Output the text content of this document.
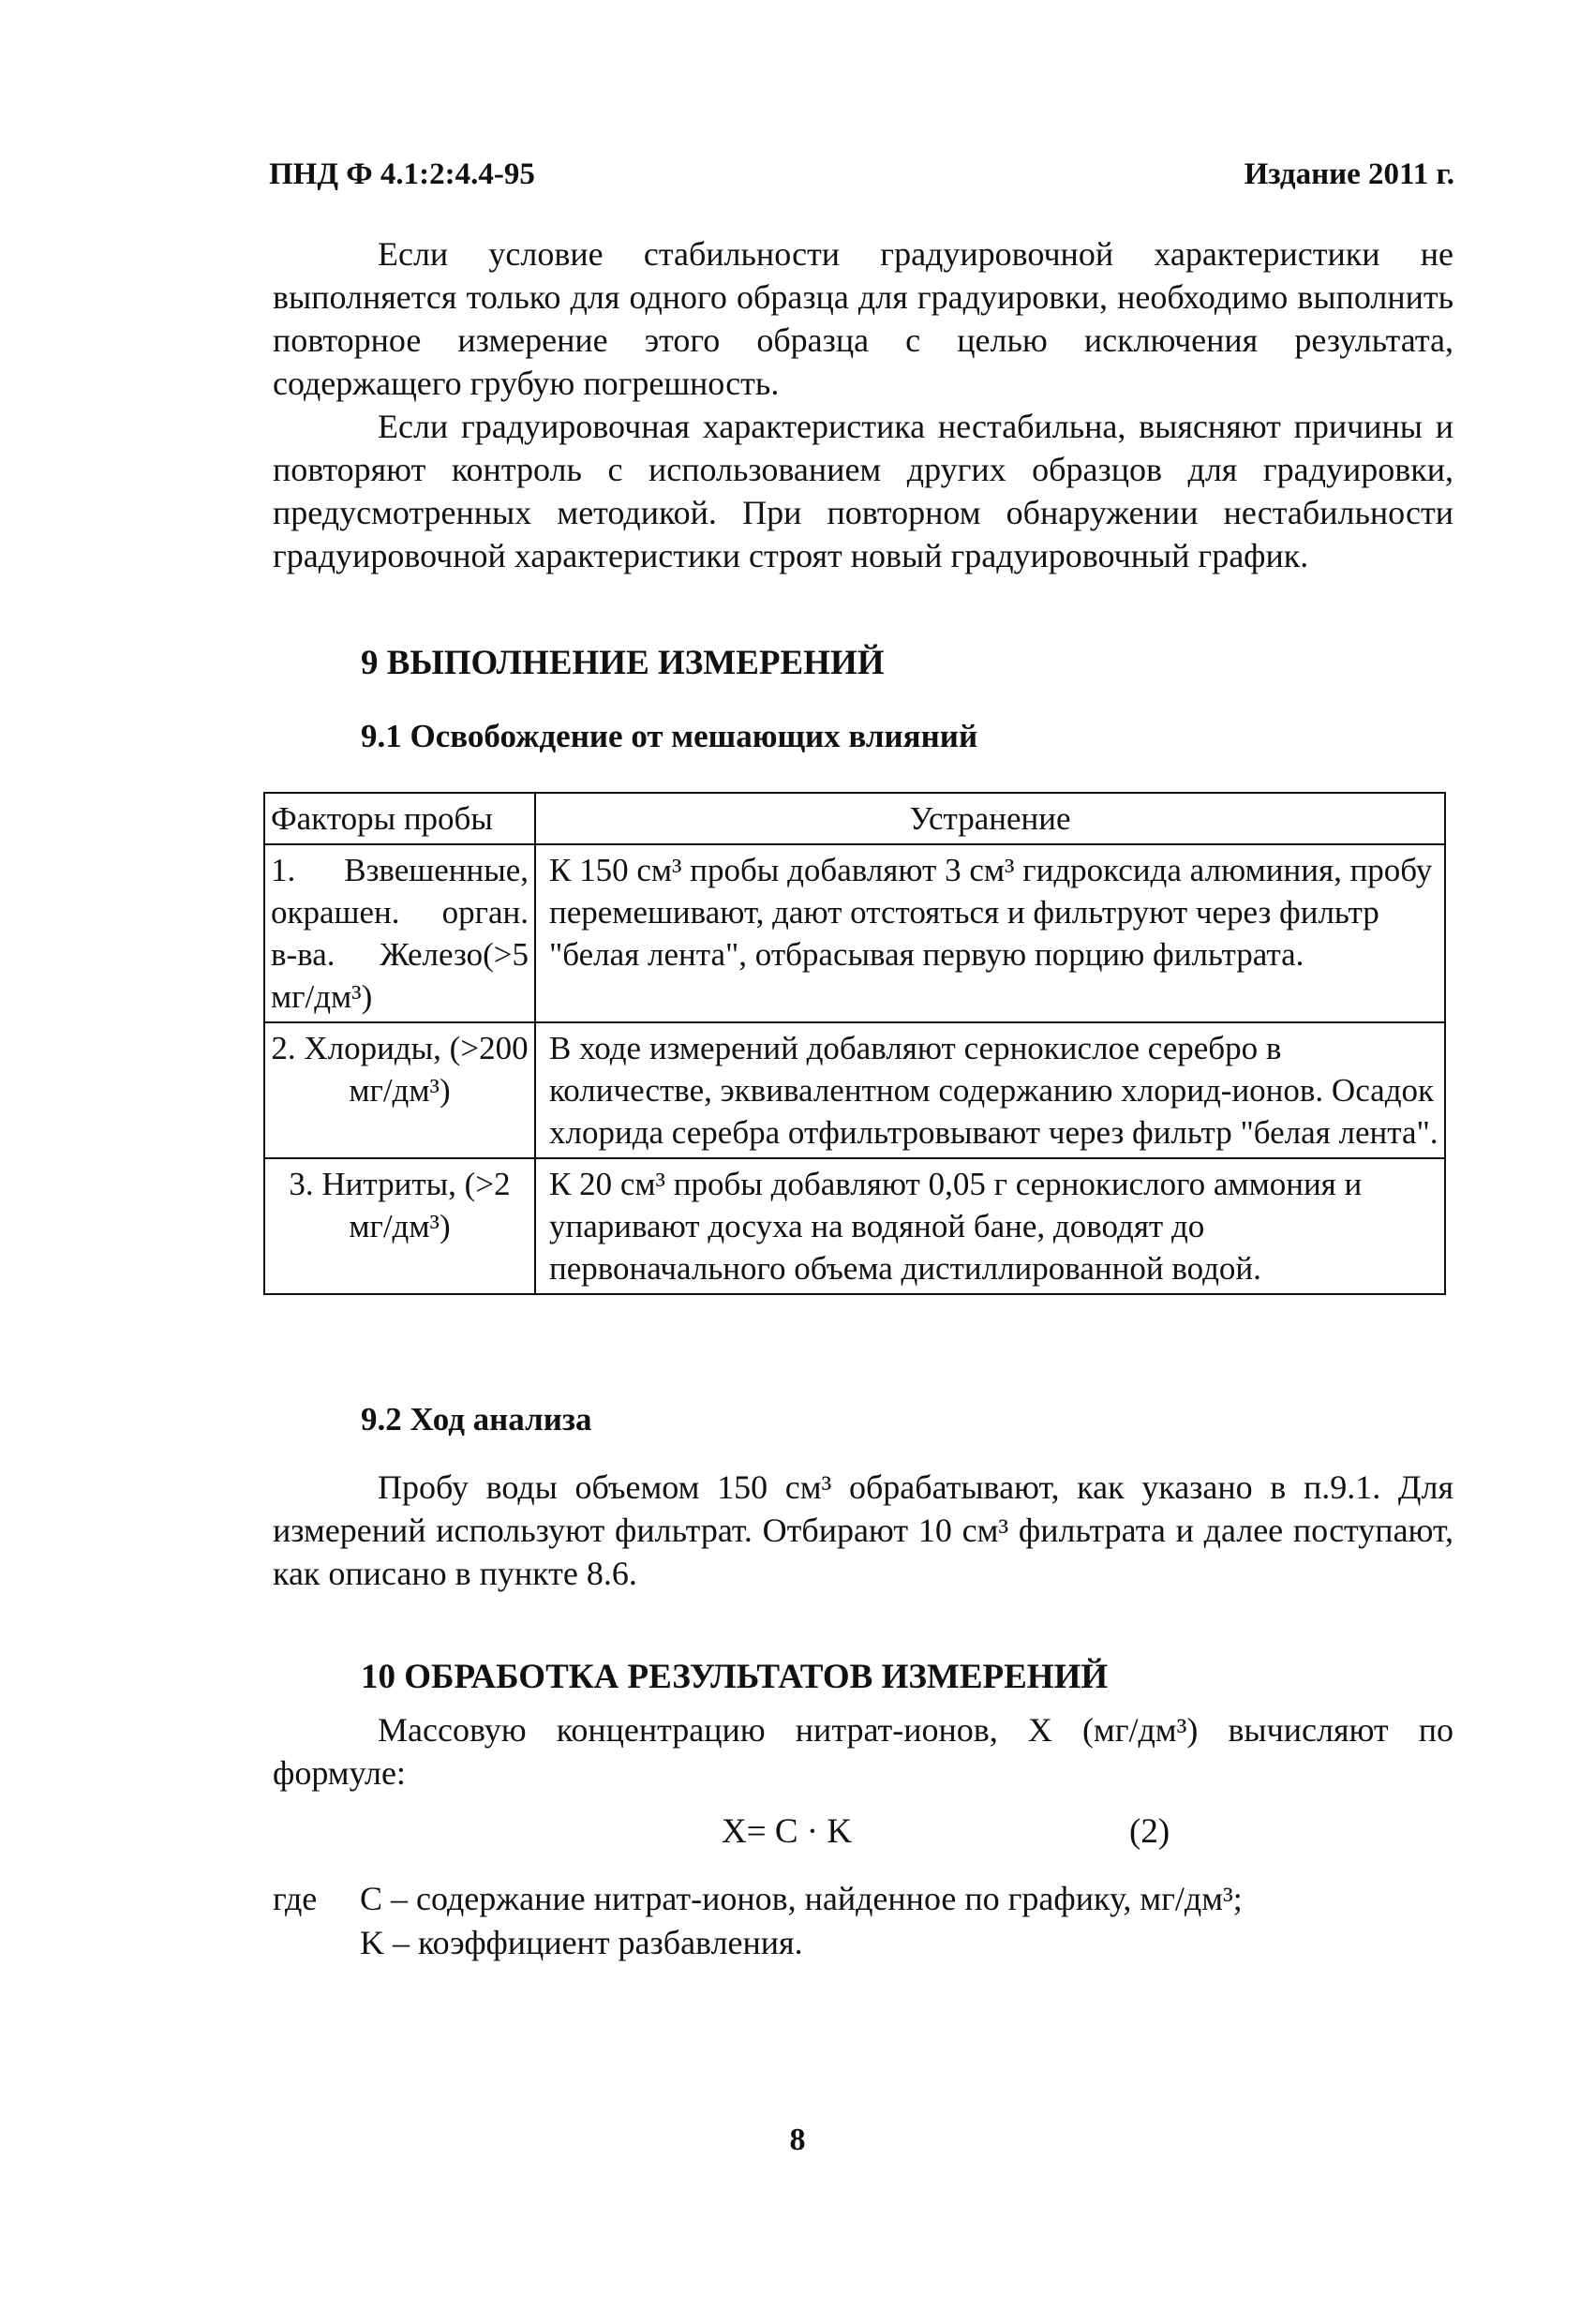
ПНД Ф 4.1:2:4.4-95	Издание 2011 г.

Если условие стабильности градуировочной характеристики не выполняется только для одного образца для градуировки, необходимо выполнить повторное измерение этого образца с целью исключения результата, содержащего грубую погрешность.

Если градуировочная характеристика нестабильна, выясняют причины и повторяют контроль с использованием других образцов для градуировки, предусмотренных методикой. При повторном обнаружении нестабильности градуировочной характеристики строят новый градуировочный график.

9 ВЫПОЛНЕНИЕ ИЗМЕРЕНИЙ
9.1 Освобождение от мешающих влияний
Факторы пробы	Устранение
1. Взвешенные, окрашен. орган. в-ва. Железо(>5 мг/дм³)	К 150 см³ пробы добавляют 3 см³ гидроксида алюминия, пробу перемешивают, дают отстояться и фильтруют через фильтр "белая лента", отбрасывая первую порцию фильтрата.
2. Хлориды, (>200 мг/дм³)	В ходе измерений добавляют сернокислое серебро в количестве, эквивалентном содержанию хлорид-ионов. Осадок хлорида серебра отфильтровывают через фильтр "белая лента".
3. Нитриты, (>2 мг/дм³)	К 20 см³ пробы добавляют 0,05 г сернокислого аммония и упаривают досуха на водяной бане, доводят до первоначального объема дистиллированной водой.
9.2 Ход анализа

Пробу воды объемом 150 см³ обрабатывают, как указано в п.9.1. Для измерений используют фильтрат. Отбирают 10 см³ фильтрата и далее поступают, как описано в пункте 8.6.

10 ОБРАБОТКА РЕЗУЛЬТАТОВ ИЗМЕРЕНИЙ

Массовую концентрацию нитрат-ионов, X (мг/дм³) вычисляют по формуле:

X= C · K	(2)
где C – содержание нитрат-ионов, найденное по графику, мг/дм³;
K – коэффициент разбавления.
8
